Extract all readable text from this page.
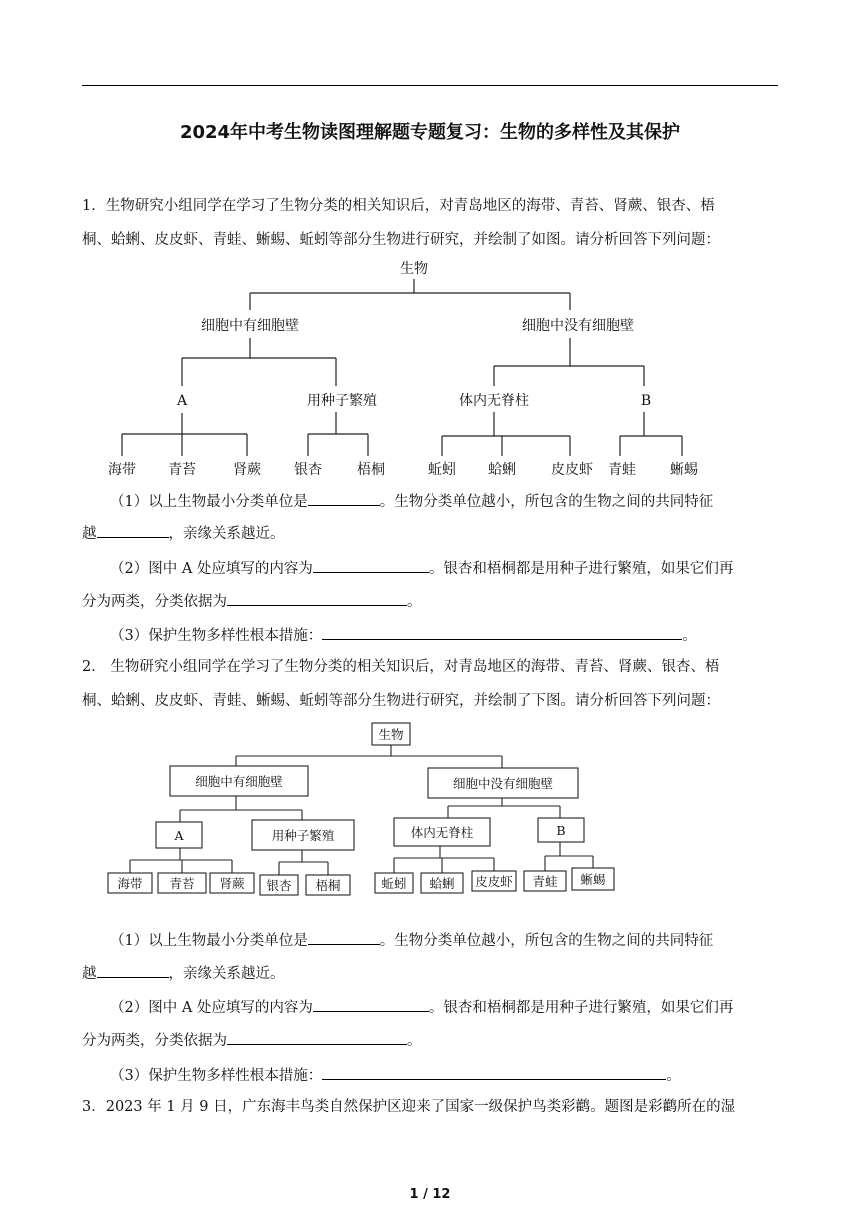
2024年中考生物读图理解题专题复习：生物的多样性及其保护
1．生物研究小组同学在学习了生物分类的相关知识后，对青岛地区的海带、青苔、肾蕨、银杏、梧
桐、蛤蜊、皮皮虾、青蛙、蜥蜴、蚯蚓等部分生物进行研究，并绘制了如图。请分析回答下列问题：
生物
细胞中有细胞壁	细胞中没有细胞壁
A	用种子繁殖	体内无脊柱	B
海带 青苔	肾蕨 银杏	梧桐	蚯蚓 蛤蜊	皮皮虾 青蛙 蜥蜴
（1）以上生物最小分类单位是	。生物分类单位越小，所包含的生物之间的共同特征
越	，亲缘关系越近。
（2）图中 A 处应填写的内容为	。银杏和梧桐都是用种子进行繁殖，如果它们再
分为两类，分类依据为	。
（3）保护生物多样性根本措施：	。
2． 生物研究小组同学在学习了生物分类的相关知识后，对青岛地区的海带、青苔、肾蕨、银杏、梧
桐、蛤蜊、皮皮虾、青蛙、蜥蜴、蚯蚓等部分生物进行研究，并绘制了下图。请分析回答下列问题：
生物
细胞中有细胞壁	细胞中没有细胞壁
A	用种子繁殖	体内无脊柱	B
海带 青苔 肾蕨 银杏 梧桐	蚯蚓 蛤蜊 皮皮虾 青蛙 蜥蜴
（1）以上生物最小分类单位是	。生物分类单位越小，所包含的生物之间的共同特征
越	，亲缘关系越近。
（2）图中 A 处应填写的内容为	。银杏和梧桐都是用种子进行繁殖，如果它们再
分为两类，分类依据为	。
（3）保护生物多样性根本措施：	。
3．2023 年 1 月 9 日，广东海丰鸟类自然保护区迎来了国家一级保护鸟类彩鹳。题图是彩鹳所在的湿
1 / 12
